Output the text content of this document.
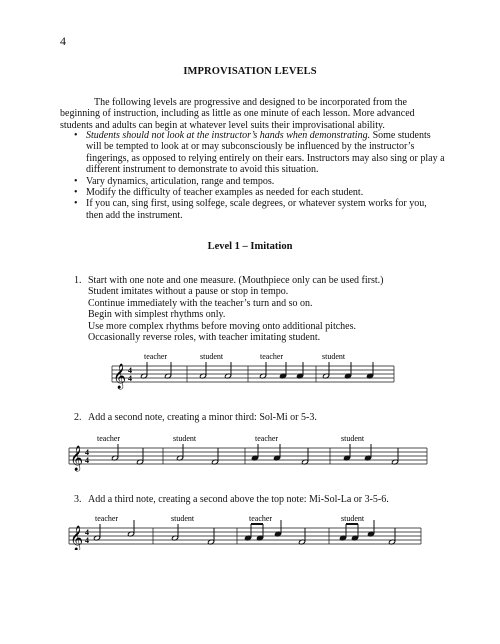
4
IMPROVISATION LEVELS

The following levels are progressive and designed to be incorporated from the beginning of instruction, including as little as one minute of each lesson. More advanced students and adults can begin at whatever level suits their improvisational ability.

• Students should not look at the instructor’s hands when demonstrating. Some students will be tempted to look at or may subconsciously be influenced by the instructor’s fingerings, as opposed to relying entirely on their ears. Instructors may also sing or play a different instrument to demonstrate to avoid this situation.
• Vary dynamics, articulation, range and tempos.
• Modify the difficulty of teacher examples as needed for each student.
• If you can, sing first, using solfege, scale degrees, or whatever system works for you, then add the instrument.
Level 1 – Imitation
1. Start with one note and one measure. (Mouthpiece only can be used first.)
Student imitates without a pause or stop in tempo.
Continue immediately with the teacher’s turn and so on.
Begin with simplest rhythms only.
Use more complex rhythms before moving onto additional pitches.
Occasionally reverse roles, with teacher imitating student.
𝄞 4
4
teacher	student	teacher	student
2. Add a second note, creating a minor third: Sol-Mi or 5-3.
𝄞 4
4
teacher	student	teacher	student
3. Add a third note, creating a second above the top note: Mi-Sol-La or 3-5-6.
𝄞 4
4
teacher	student	teacher	student
